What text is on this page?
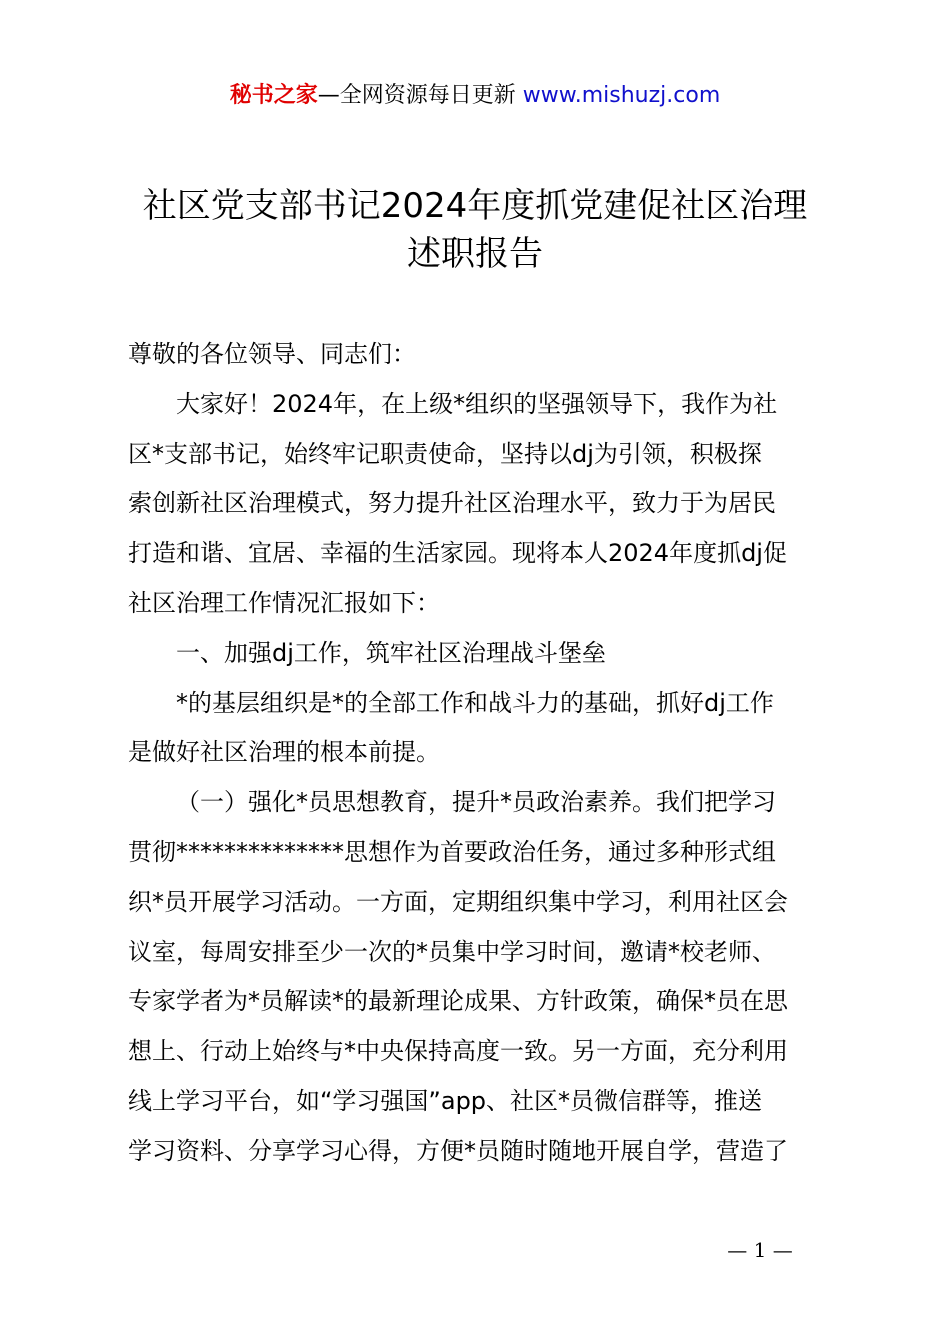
秘书之家—全网资源每日更新 www.mishuzj.com
社区党支部书记2024年度抓党建促社区治理
述职报告
尊敬的各位领导、同志们：
大家好！2024年，在上级*组织的坚强领导下，我作为社
区*支部书记，始终牢记职责使命，坚持以dj为引领，积极探
索创新社区治理模式，努力提升社区治理水平，致力于为居民
打造和谐、宜居、幸福的生活家园。现将本人2024年度抓dj促
社区治理工作情况汇报如下：
一、加强dj工作，筑牢社区治理战斗堡垒
*的基层组织是*的全部工作和战斗力的基础，抓好dj工作
是做好社区治理的根本前提。
（一）强化*员思想教育，提升*员政治素养。我们把学习
贯彻**************思想作为首要政治任务，通过多种形式组
织*员开展学习活动。一方面，定期组织集中学习，利用社区会
议室，每周安排至少一次的*员集中学习时间，邀请*校老师、
专家学者为*员解读*的最新理论成果、方针政策，确保*员在思
想上、行动上始终与*中央保持高度一致。另一方面，充分利用
线上学习平台，如“学习强国”app、社区*员微信群等，推送
学习资料、分享学习心得，方便*员随时随地开展自学，营造了
— 1 —
